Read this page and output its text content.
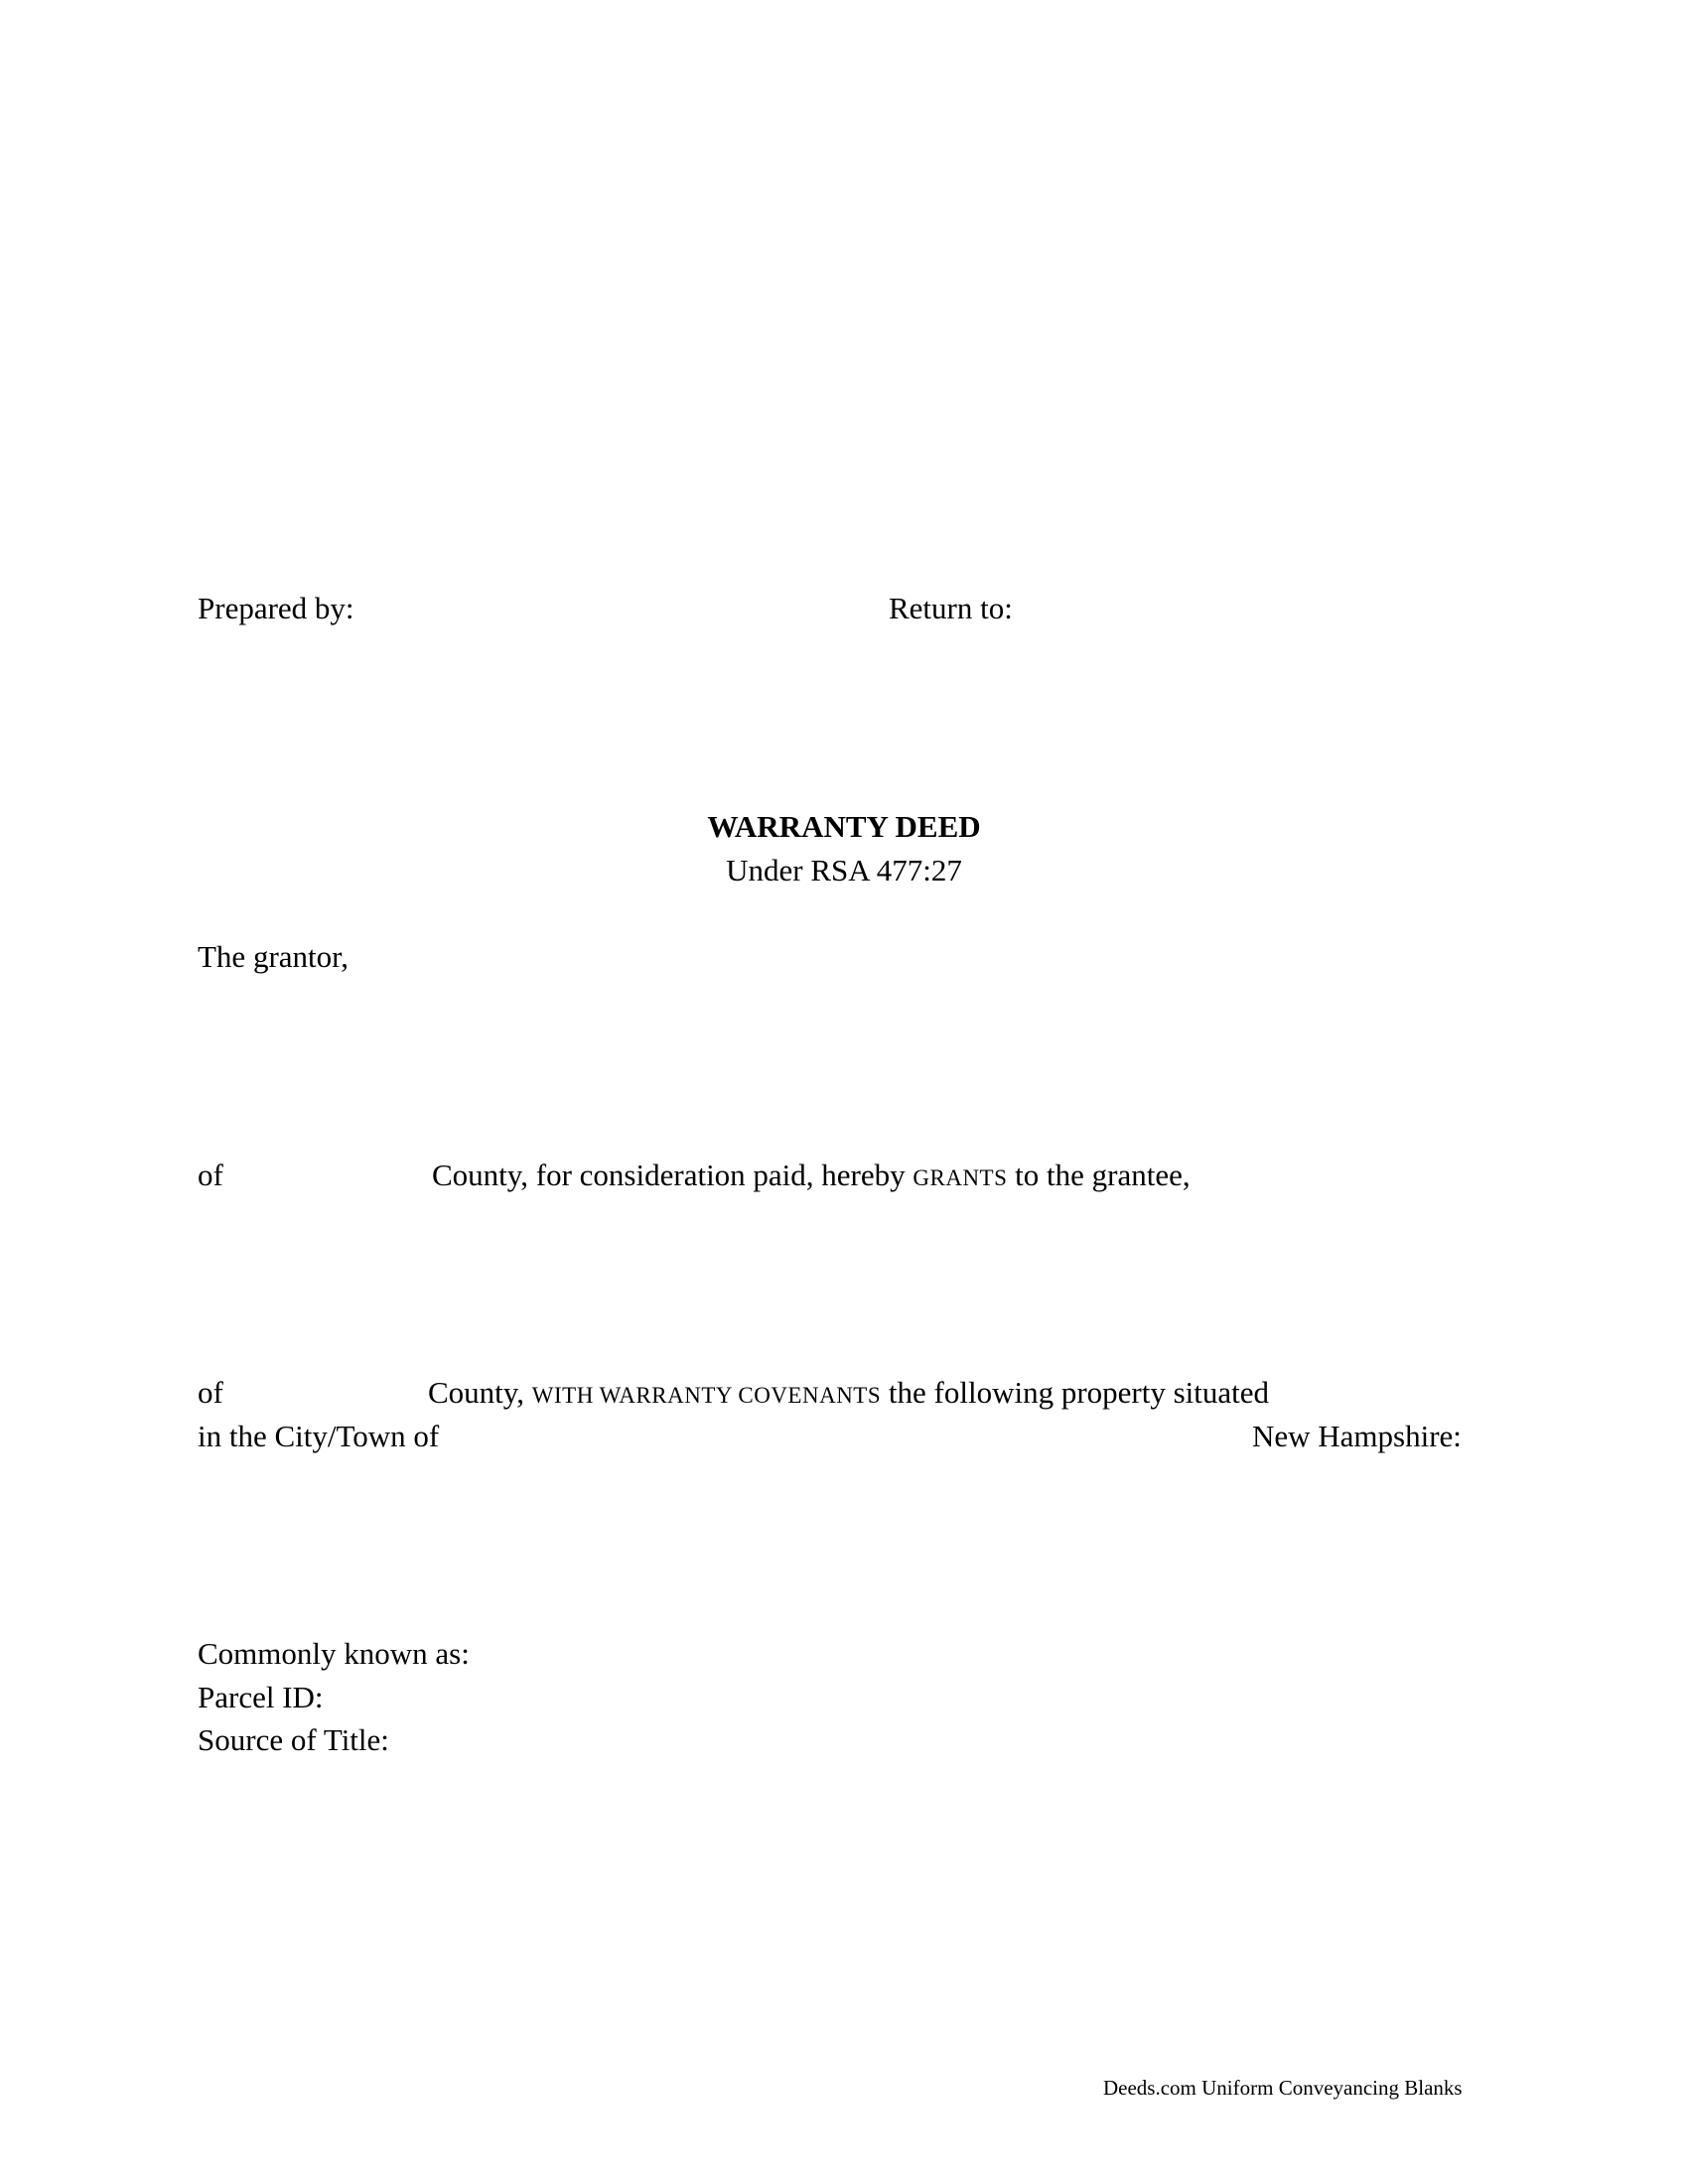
Prepared by:	Return to:
WARRANTY DEED
Under RSA 477:27
The grantor,
of	County, for consideration paid, hereby GRANTS to the grantee,
of	County, WITH WARRANTY COVENANTS the following property situated
in the City/Town of	New Hampshire:
Commonly known as:
Parcel ID:
Source of Title:
Deeds.com Uniform Conveyancing Blanks
